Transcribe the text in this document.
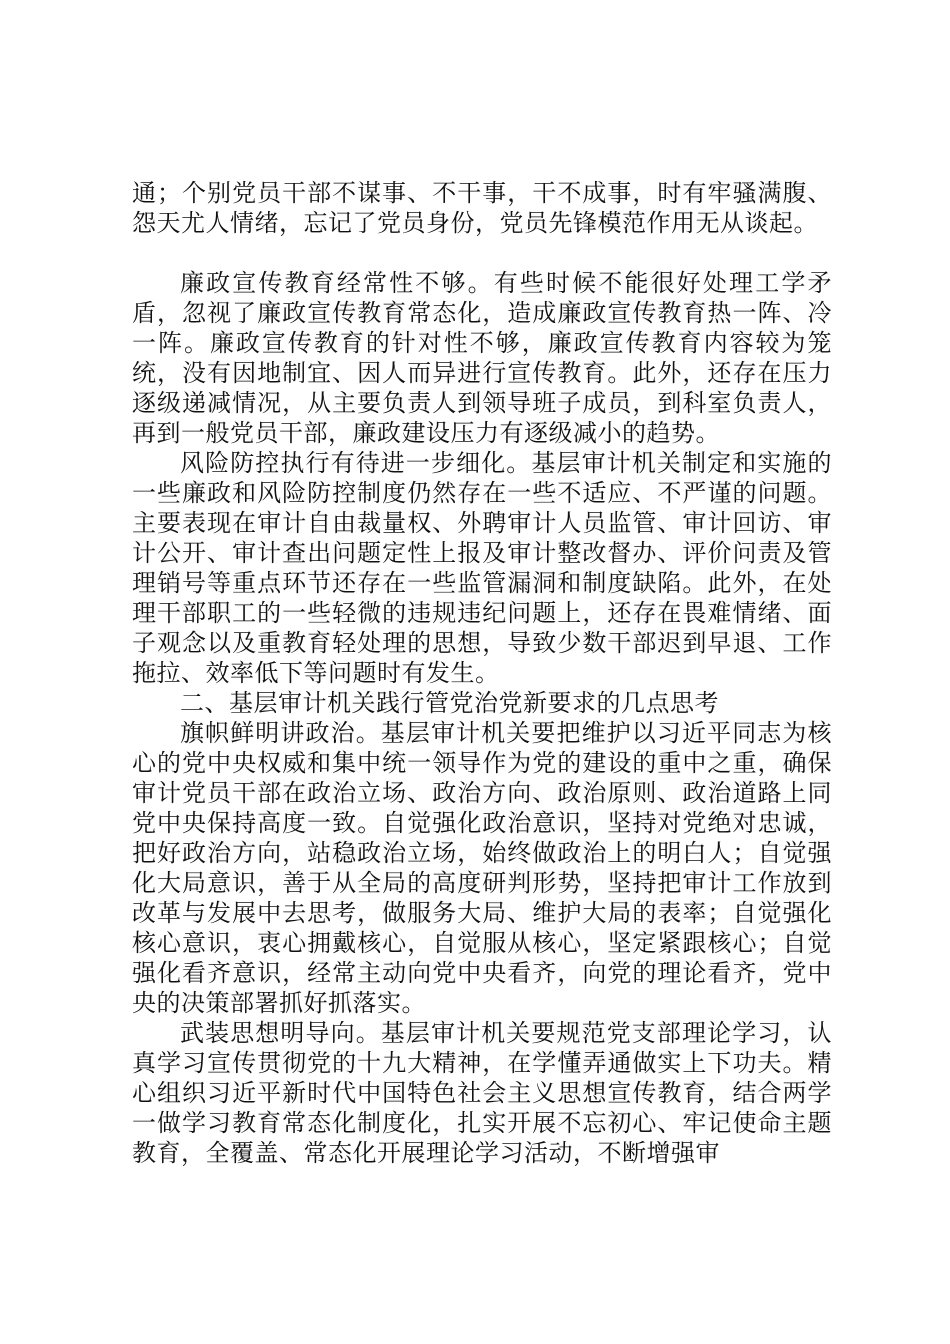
通；个别党员干部不谋事、不干事，干不成事，时有牢骚满腹、怨天尤人情绪，忘记了党员身份，党员先锋模范作用无从谈起。

廉政宣传教育经常性不够。有些时候不能很好处理工学矛盾，忽视了廉政宣传教育常态化，造成廉政宣传教育热一阵、冷一阵。廉政宣传教育的针对性不够，廉政宣传教育内容较为笼统，没有因地制宜、因人而异进行宣传教育。此外，还存在压力逐级递减情况，从主要负责人到领导班子成员，到科室负责人，再到一般党员干部，廉政建设压力有逐级减小的趋势。

风险防控执行有待进一步细化。基层审计机关制定和实施的一些廉政和风险防控制度仍然存在一些不适应、不严谨的问题。主要表现在审计自由裁量权、外聘审计人员监管、审计回访、审计公开、审计查出问题定性上报及审计整改督办、评价问责及管理销号等重点环节还存在一些监管漏洞和制度缺陷。此外，在处理干部职工的一些轻微的违规违纪问题上，还存在畏难情绪、面子观念以及重教育轻处理的思想，导致少数干部迟到早退、工作拖拉、效率低下等问题时有发生。

二、基层审计机关践行管党治党新要求的几点思考

旗帜鲜明讲政治。基层审计机关要把维护以习近平同志为核心的党中央权威和集中统一领导作为党的建设的重中之重，确保审计党员干部在政治立场、政治方向、政治原则、政治道路上同党中央保持高度一致。自觉强化政治意识，坚持对党绝对忠诚，把好政治方向，站稳政治立场，始终做政治上的明白人；自觉强化大局意识，善于从全局的高度研判形势，坚持把审计工作放到改革与发展中去思考，做服务大局、维护大局的表率；自觉强化核心意识，衷心拥戴核心，自觉服从核心，坚定紧跟核心；自觉强化看齐意识，经常主动向党中央看齐，向党的理论看齐，党中央的决策部署抓好抓落实。

武装思想明导向。基层审计机关要规范党支部理论学习，认真学习宣传贯彻党的十九大精神，在学懂弄通做实上下功夫。精心组织习近平新时代中国特色社会主义思想宣传教育，结合两学一做学习教育常态化制度化，扎实开展不忘初心、牢记使命主题教育，全覆盖、常态化开展理论学习活动，不断增强审
